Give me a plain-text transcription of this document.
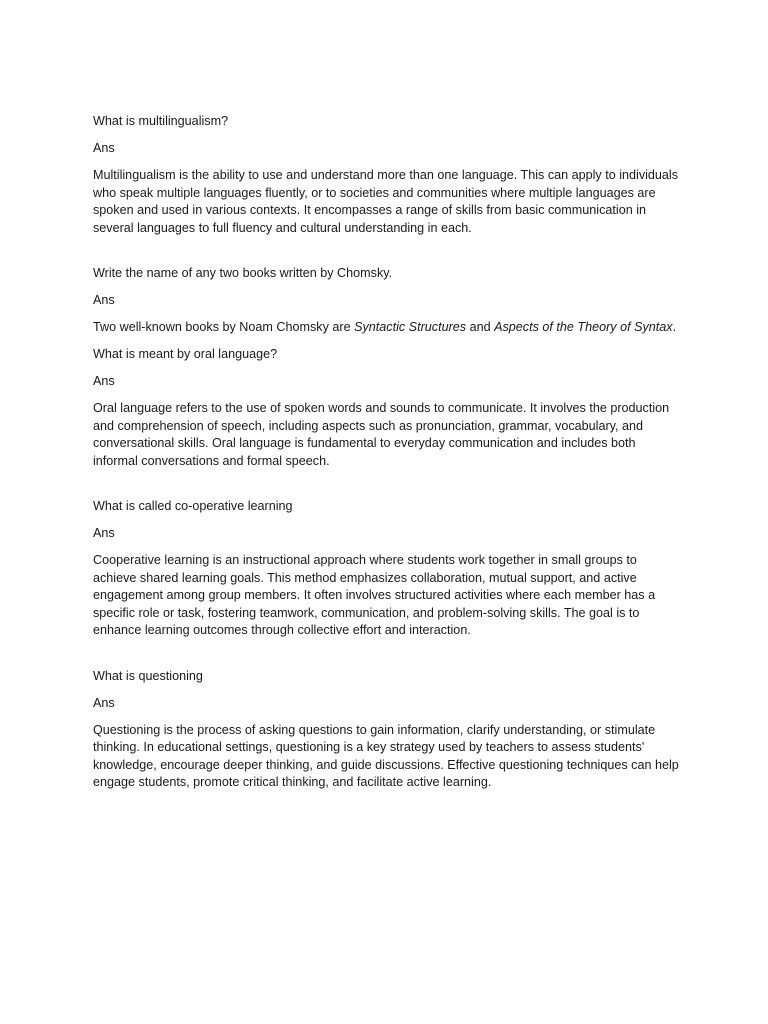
What is multilingualism?

Ans

Multilingualism is the ability to use and understand more than one language. This can apply to individuals who speak multiple languages fluently, or to societies and communities where multiple languages are spoken and used in various contexts. It encompasses a range of skills from basic communication in several languages to full fluency and cultural understanding in each.

Write the name of any two books written by Chomsky.

Ans

Two well-known books by Noam Chomsky are Syntactic Structures and Aspects of the Theory of Syntax.

What is meant by oral language?

Ans

Oral language refers to the use of spoken words and sounds to communicate. It involves the production and comprehension of speech, including aspects such as pronunciation, grammar, vocabulary, and conversational skills. Oral language is fundamental to everyday communication and includes both informal conversations and formal speech.

What is called co-operative learning

Ans

Cooperative learning is an instructional approach where students work together in small groups to achieve shared learning goals. This method emphasizes collaboration, mutual support, and active engagement among group members. It often involves structured activities where each member has a specific role or task, fostering teamwork, communication, and problem-solving skills. The goal is to enhance learning outcomes through collective effort and interaction.

What is questioning

Ans

Questioning is the process of asking questions to gain information, clarify understanding, or stimulate thinking. In educational settings, questioning is a key strategy used by teachers to assess students' knowledge, encourage deeper thinking, and guide discussions. Effective questioning techniques can help engage students, promote critical thinking, and facilitate active learning.
